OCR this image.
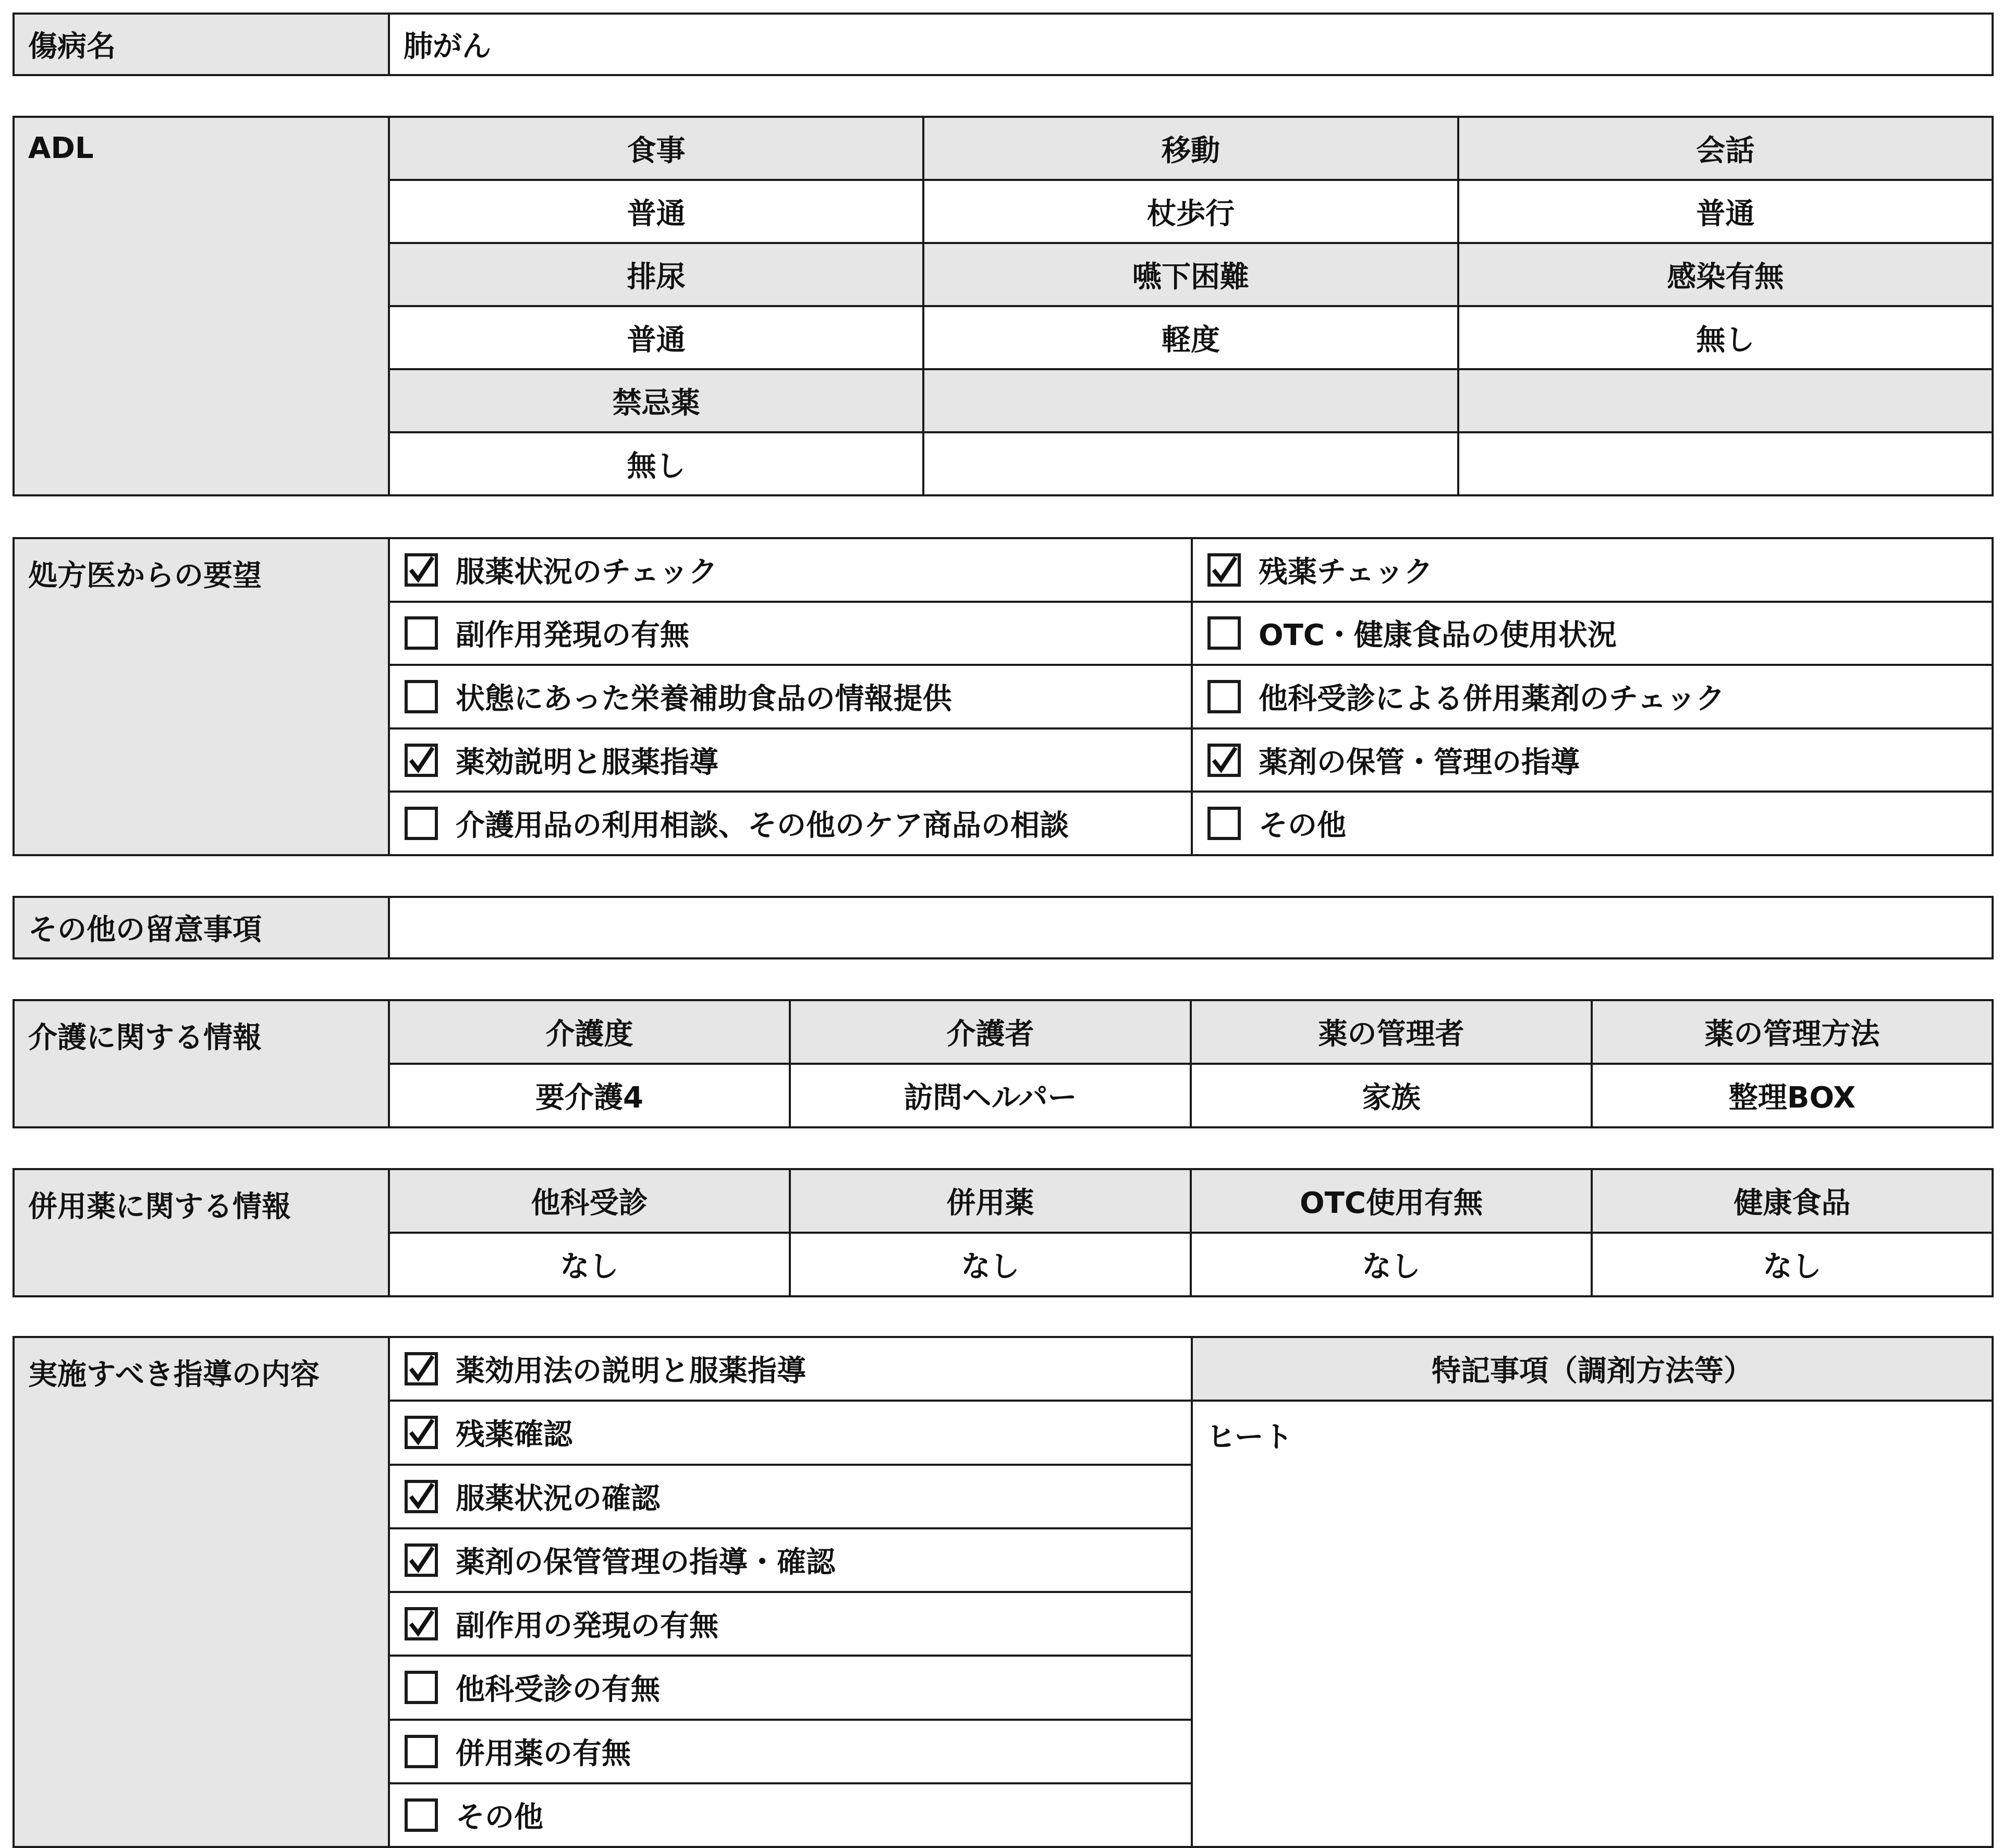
傷病名	肺がん
ADL	食事	移動	会話
	普通	杖歩行	普通
	排尿	嚥下困難	感染有無
	普通	軽度	無し
	禁忌薬		
	無し		
処方医からの要望	服薬状況のチェック	残薬チェック

	副作用発現の有無	OTC・健康食品の使用状況

	状態にあった栄養補助食品の情報提供	他科受診による併用薬剤のチェック

	薬効説明と服薬指導	薬剤の保管・管理の指導

	介護用品の利用相談、その他のケア商品の相談	その他
その他の留意事項	
介護に関する情報	介護度	介護者	薬の管理者	薬の管理方法
	要介護4	訪問ヘルパー	家族	整理BOX
併用薬に関する情報	他科受診	併用薬	OTC使用有無	健康食品
	なし	なし	なし	なし
実施すべき指導の内容	薬効用法の説明と服薬指導	特記事項（調剤方法等）

	残薬確認	ヒート

	服薬状況の確認	

	薬剤の保管管理の指導・確認	

	副作用の発現の有無	

	他科受診の有無	

	併用薬の有無	

	その他	
